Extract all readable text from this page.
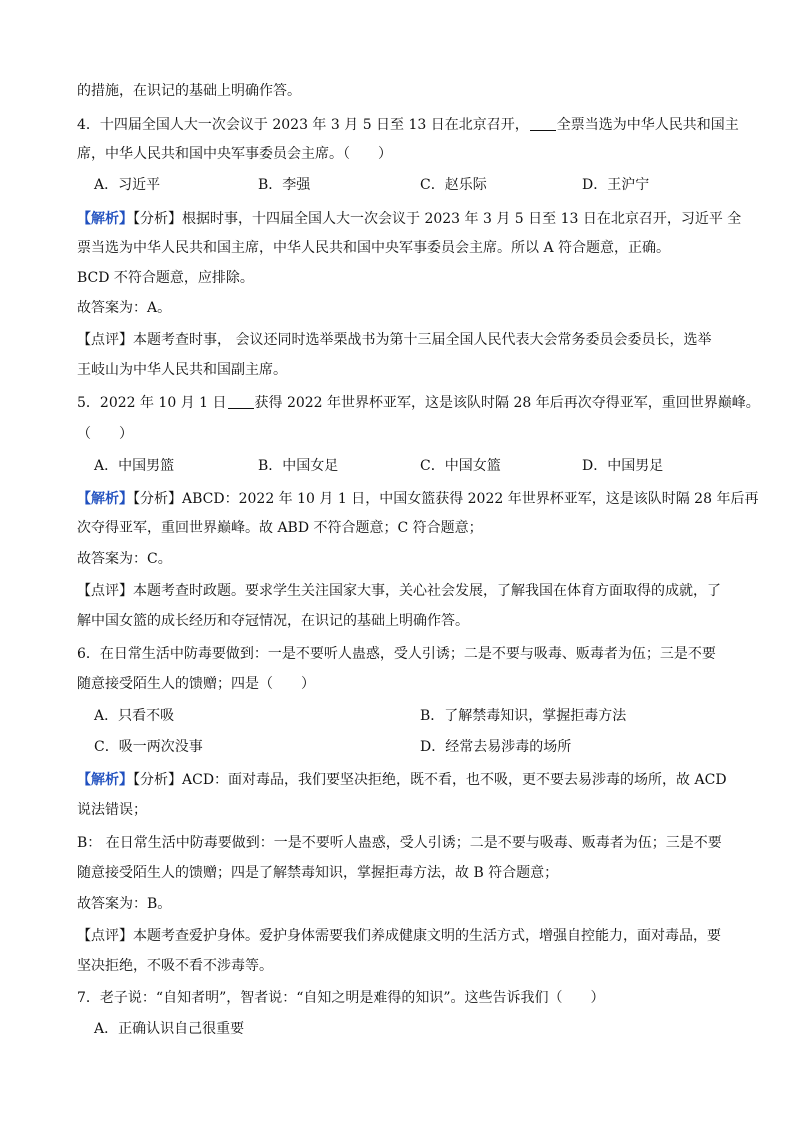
的措施，在识记的基础上明确作答。
4．十四届全国人大一次会议于 2023 年 3 月 5 日至 13 日在北京召开， 全票当选为中华人民共和国主
席，中华人民共和国中央军事委员会主席。（　　）
A．习近平	B．李强	C．赵乐际	D．王沪宁
【解析】【分析】根据时事，十四届全国人大一次会议于 2023 年 3 月 5 日至 13 日在北京召开，习近平 全
票当选为中华人民共和国主席，中华人民共和国中央军事委员会主席。所以 A 符合题意，正确。
BCD 不符合题意，应排除。
故答案为：A。
【点评】本题考查时事， 会议还同时选举栗战书为第十三届全国人民代表大会常务委员会委员长，选举
王岐山为中华人民共和国副主席。
5．2022 年 10 月 1 日 获得 2022 年世界杯亚军，这是该队时隔 28 年后再次夺得亚军，重回世界巅峰。
（　　）
A．中国男篮	B．中国女足	C．中国女篮	D．中国男足
【解析】【分析】ABCD：2022 年 10 月 1 日，中国女篮获得 2022 年世界杯亚军，这是该队时隔 28 年后再
次夺得亚军，重回世界巅峰。故 ABD 不符合题意；C 符合题意；
故答案为：C。
【点评】本题考查时政题。要求学生关注国家大事，关心社会发展，了解我国在体育方面取得的成就，了
解中国女篮的成长经历和夺冠情况，在识记的基础上明确作答。
6．在日常生活中防毒要做到：一是不要听人蛊惑，受人引诱；二是不要与吸毒、贩毒者为伍；三是不要
随意接受陌生人的馈赠；四是（　　）
A．只看不吸	B．了解禁毒知识，掌握拒毒方法
C．吸一两次没事	D．经常去易涉毒的场所
【解析】【分析】ACD：面对毒品，我们要坚决拒绝，既不看，也不吸，更不要去易涉毒的场所，故 ACD
说法错误；
B： 在日常生活中防毒要做到：一是不要听人蛊惑，受人引诱；二是不要与吸毒、贩毒者为伍；三是不要
随意接受陌生人的馈赠；四是了解禁毒知识，掌握拒毒方法，故 B 符合题意；
故答案为：B。
【点评】本题考查爱护身体。爱护身体需要我们养成健康文明的生活方式，增强自控能力，面对毒品，要
坚决拒绝，不吸不看不涉毒等。
7．老子说：“自知者明”，智者说：“自知之明是难得的知识”。这些告诉我们（　　）
A．正确认识自己很重要
